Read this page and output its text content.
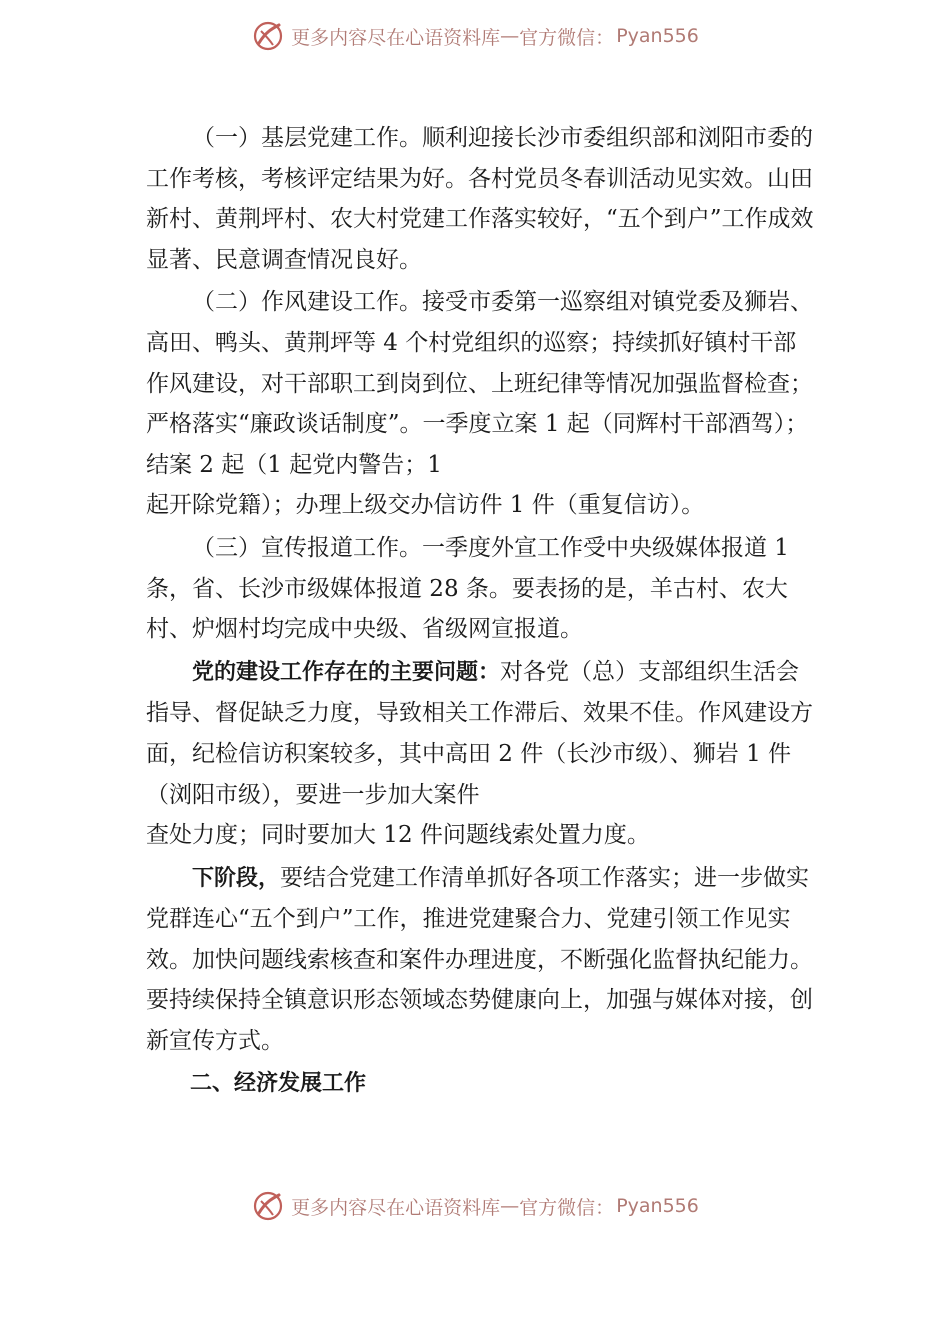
更多内容尽在心语资料库 — 官方微信： Pyan556

（一）基层党建工作。顺利迎接长沙市委组织部和浏阳市委的工作考核，考核评定结果为好。各村党员冬春训活动见实效。山田新村、黄荆坪村、农大村党建工作落实较好，“五个到户”工作成效显著、民意调查情况良好。

（二）作风建设工作。接受市委第一巡察组对镇党委及狮岩、高田、鸭头、黄荆坪等 4 个村党组织的巡察；持续抓好镇村干部作风建设，对干部职工到岗到位、上班纪律等情况加强监督检查；严格落实“廉政谈话制度”。一季度立案 1 起（同辉村干部酒驾）；结案 2 起（1 起党内警告；1

起开除党籍）；办理上级交办信访件 1 件（重复信访）。

（三）宣传报道工作。一季度外宣工作受中央级媒体报道 1 条，省、长沙市级媒体报道 28 条。要表扬的是，羊古村、农大村、炉烟村均完成中央级、省级网宣报道。

党的建设工作存在的主要问题：对各党（总）支部组织生活会指导、督促缺乏力度，导致相关工作滞后、效果不佳。作风建设方面，纪检信访积案较多，其中高田 2 件（长沙市级）、狮岩 1 件（浏阳市级），要进一步加大案件

查处力度；同时要加大 12 件问题线索处置力度。

下阶段，要结合党建工作清单抓好各项工作落实；进一步做实党群连心“五个到户”工作，推进党建聚合力、党建引领工作见实效。加快问题线索核查和案件办理进度，不断强化监督执纪能力。要持续保持全镇意识形态领域态势健康向上，加强与媒体对接，创新宣传方式。

二、经济发展工作

更多内容尽在心语资料库 — 官方微信： Pyan556
